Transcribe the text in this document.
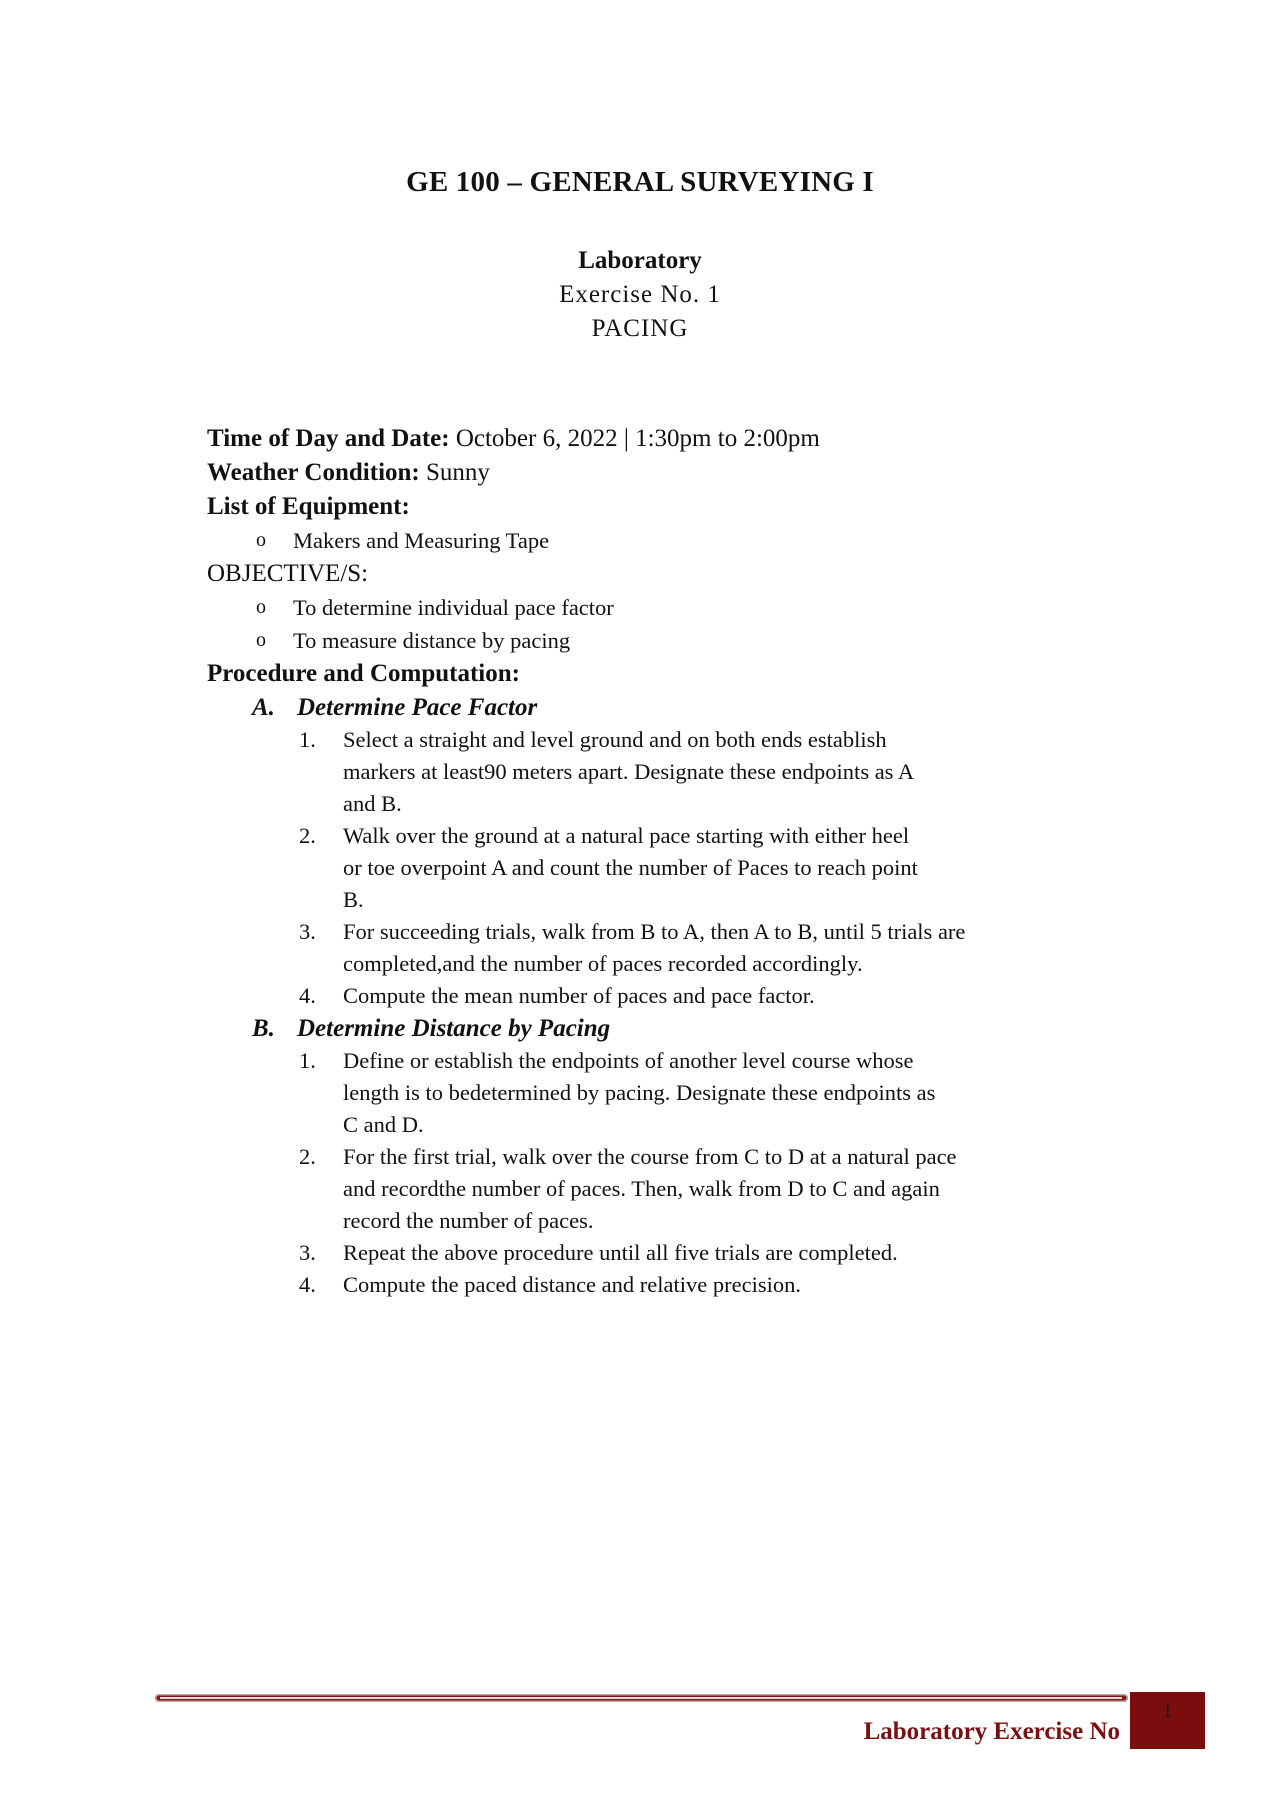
GE 100 – GENERAL SURVEYING I
Laboratory
Exercise No. 1
PACING
Time of Day and Date: October 6, 2022 | 1:30pm to 2:00pm
Weather Condition: Sunny
List of Equipment:
o Makers and Measuring Tape
OBJECTIVE/S:
o To determine individual pace factor
o To measure distance by pacing
Procedure and Computation:
A. Determine Pace Factor
1. Select a straight and level ground and on both ends establish
markers at least90 meters apart. Designate these endpoints as A
and B.
2. Walk over the ground at a natural pace starting with either heel
or toe overpoint A and count the number of Paces to reach point
B.
3. For succeeding trials, walk from B to A, then A to B, until 5 trials are
completed,and the number of paces recorded accordingly.
4. Compute the mean number of paces and pace factor.
B. Determine Distance by Pacing
1. Define or establish the endpoints of another level course whose
length is to bedetermined by pacing. Designate these endpoints as
C and D.
2. For the first trial, walk over the course from C to D at a natural pace
and recordthe number of paces. Then, walk from D to C and again
record the number of paces.
3. Repeat the above procedure until all five trials are completed.
4. Compute the paced distance and relative precision.
Laboratory Exercise No
1
